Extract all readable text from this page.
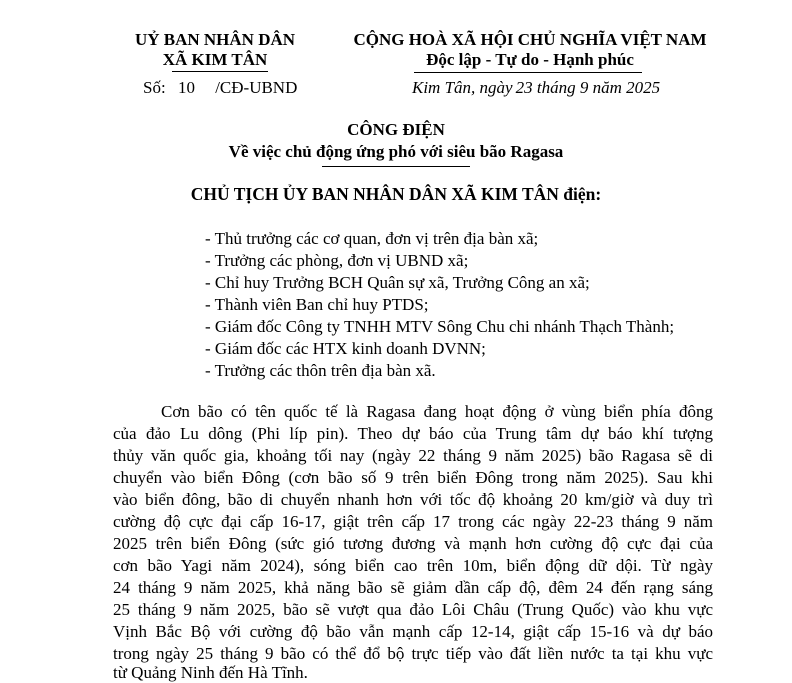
UỶ BAN NHÂN DÂN
XÃ KIM TÂN
Số: 10 /CĐ-UBND
CỘNG HOÀ XÃ HỘI CHỦ NGHĨA VIỆT NAM
Độc lập - Tự do - Hạnh phúc
Kim Tân, ngày 23 tháng 9 năm 2025
CÔNG ĐIỆN
Về việc chủ động ứng phó với siêu bão Ragasa
CHỦ TỊCH ỦY BAN NHÂN DÂN XÃ KIM TÂN điện:
- Thủ trưởng các cơ quan, đơn vị trên địa bàn xã;
- Trưởng các phòng, đơn vị UBND xã;
- Chỉ huy Trưởng BCH Quân sự xã, Trưởng Công an xã;
- Thành viên Ban chỉ huy PTDS;
- Giám đốc Công ty TNHH MTV Sông Chu chi nhánh Thạch Thành;
- Giám đốc các HTX kinh doanh DVNN;
- Trưởng các thôn trên địa bàn xã.
Cơn bão có tên quốc tế là Ragasa đang hoạt động ở vùng biển phía đông
của đảo Lu dông (Phi líp pin). Theo dự báo của Trung tâm dự báo khí tượng
thủy văn quốc gia, khoảng tối nay (ngày 22 tháng 9 năm 2025) bão Ragasa sẽ di
chuyển vào biển Đông (cơn bão số 9 trên biển Đông trong năm 2025). Sau khi
vào biển đông, bão di chuyển nhanh hơn với tốc độ khoảng 20 km/giờ và duy trì
cường độ cực đại cấp 16-17, giật trên cấp 17 trong các ngày 22-23 tháng 9 năm
2025 trên biển Đông (sức gió tương đương và mạnh hơn cường độ cực đại của
cơn bão Yagi năm 2024), sóng biển cao trên 10m, biển động dữ dội. Từ ngày
24 tháng 9 năm 2025, khả năng bão sẽ giảm dần cấp độ, đêm 24 đến rạng sáng
25 tháng 9 năm 2025, bão sẽ vượt qua đảo Lôi Châu (Trung Quốc) vào khu vực
Vịnh Bắc Bộ với cường độ bão vẫn mạnh cấp 12-14, giật cấp 15-16 và dự báo
trong ngày 25 tháng 9 bão có thể đổ bộ trực tiếp vào đất liền nước ta tại khu vực
từ Quảng Ninh đến Hà Tĩnh.
